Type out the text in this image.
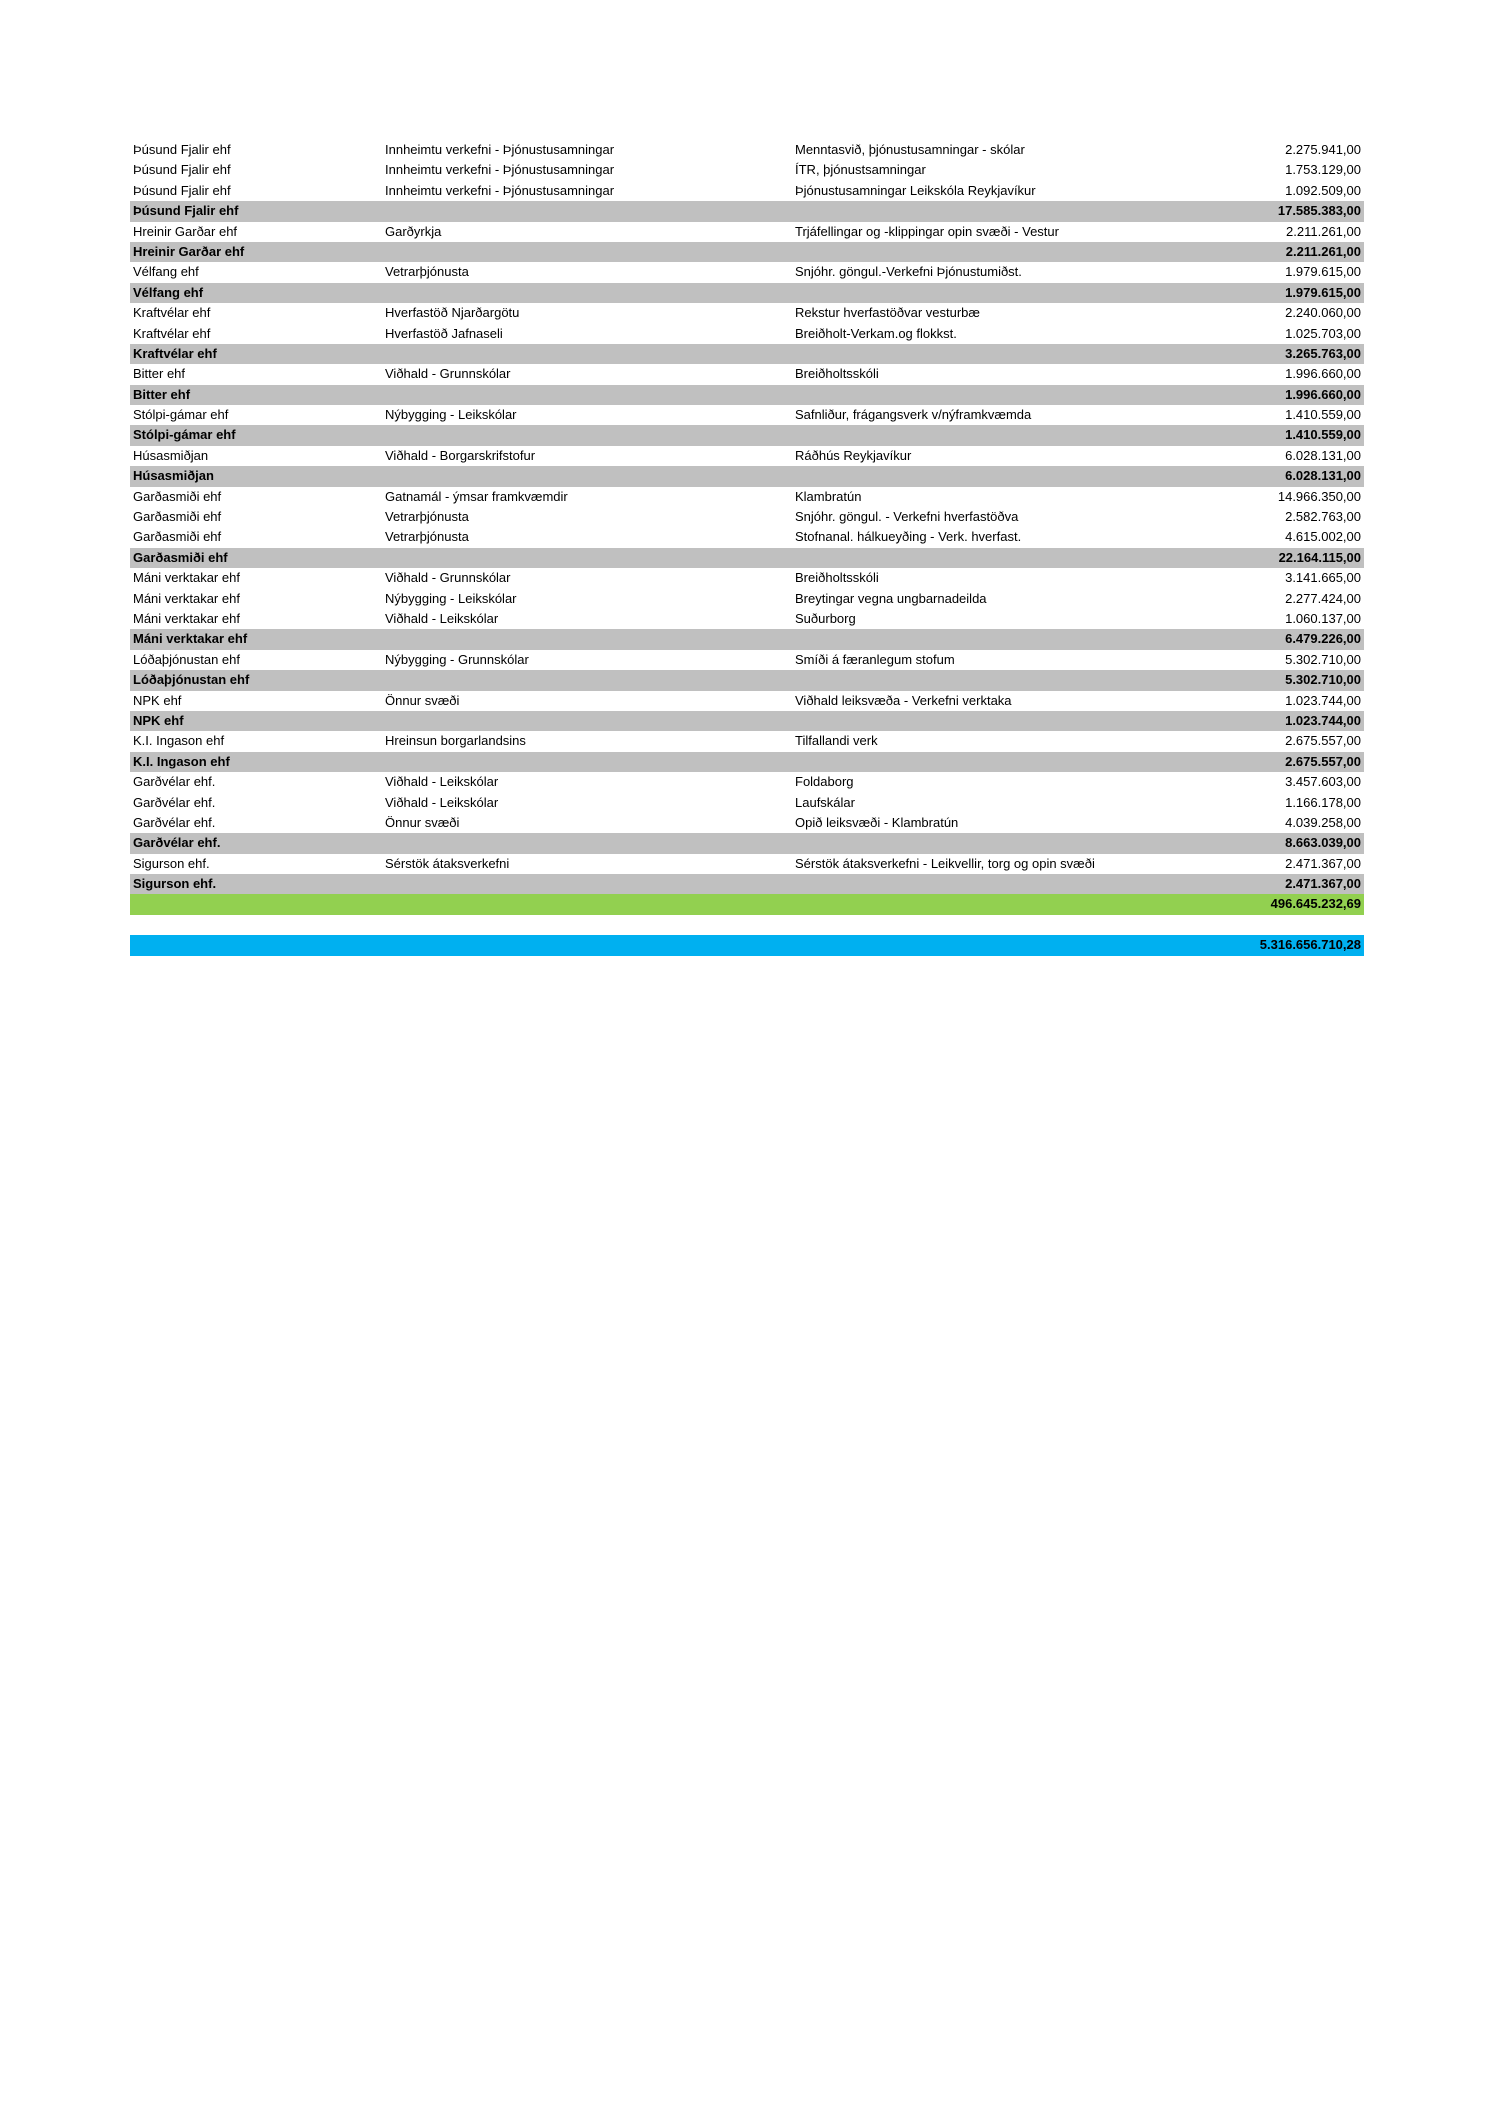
Þúsund Fjalir ehf	Innheimtu verkefni - Þjónustusamningar	Menntasvið, þjónustusamningar - skólar	2.275.941,00
Þúsund Fjalir ehf	Innheimtu verkefni - Þjónustusamningar	ÍTR, þjónustsamningar	1.753.129,00
Þúsund Fjalir ehf	Innheimtu verkefni - Þjónustusamningar	Þjónustusamningar Leikskóla Reykjavíkur	1.092.509,00
Þúsund Fjalir ehf	17.585.383,00
Hreinir Garðar ehf	Garðyrkja	Trjáfellingar og -klippingar opin svæði - Vestur	2.211.261,00
Hreinir Garðar ehf	2.211.261,00
Vélfang ehf	Vetrarþjónusta	Snjóhr. göngul.-Verkefni Þjónustumiðst.	1.979.615,00
Vélfang ehf	1.979.615,00
Kraftvélar ehf	Hverfastöð Njarðargötu	Rekstur hverfastöðvar vesturbæ	2.240.060,00
Kraftvélar ehf	Hverfastöð Jafnaseli	Breiðholt-Verkam.og flokkst.	1.025.703,00
Kraftvélar ehf	3.265.763,00
Bitter ehf	Viðhald - Grunnskólar	Breiðholtsskóli	1.996.660,00
Bitter ehf	1.996.660,00
Stólpi-gámar ehf	Nýbygging - Leikskólar	Safnliður, frágangsverk v/nýframkvæmda	1.410.559,00
Stólpi-gámar ehf	1.410.559,00
Húsasmiðjan	Viðhald - Borgarskrifstofur	Ráðhús Reykjavíkur	6.028.131,00
Húsasmiðjan	6.028.131,00
Garðasmiði ehf	Gatnamál - ýmsar framkvæmdir	Klambratún	14.966.350,00
Garðasmiði ehf	Vetrarþjónusta	Snjóhr. göngul. - Verkefni hverfastöðva	2.582.763,00
Garðasmiði ehf	Vetrarþjónusta	Stofnanal. hálkueyðing - Verk. hverfast.	4.615.002,00
Garðasmiði ehf	22.164.115,00
Máni verktakar ehf	Viðhald - Grunnskólar	Breiðholtsskóli	3.141.665,00
Máni verktakar ehf	Nýbygging - Leikskólar	Breytingar vegna ungbarnadeilda	2.277.424,00
Máni verktakar ehf	Viðhald - Leikskólar	Suðurborg	1.060.137,00
Máni verktakar ehf	6.479.226,00
Lóðaþjónustan ehf	Nýbygging - Grunnskólar	Smíði á færanlegum stofum	5.302.710,00
Lóðaþjónustan ehf	5.302.710,00
NPK ehf	Önnur svæði	Viðhald leiksvæða - Verkefni verktaka	1.023.744,00
NPK ehf	1.023.744,00
K.I. Ingason ehf	Hreinsun borgarlandsins	Tilfallandi verk	2.675.557,00
K.I. Ingason ehf	2.675.557,00
Garðvélar ehf.	Viðhald - Leikskólar	Foldaborg	3.457.603,00
Garðvélar ehf.	Viðhald - Leikskólar	Laufskálar	1.166.178,00
Garðvélar ehf.	Önnur svæði	Opið leiksvæði - Klambratún	4.039.258,00
Garðvélar ehf.	8.663.039,00
Sigurson ehf.	Sérstök átaksverkefni	Sérstök átaksverkefni - Leikvellir, torg og opin svæði	2.471.367,00
Sigurson ehf.	2.471.367,00
496.645.232,69
5.316.656.710,28
